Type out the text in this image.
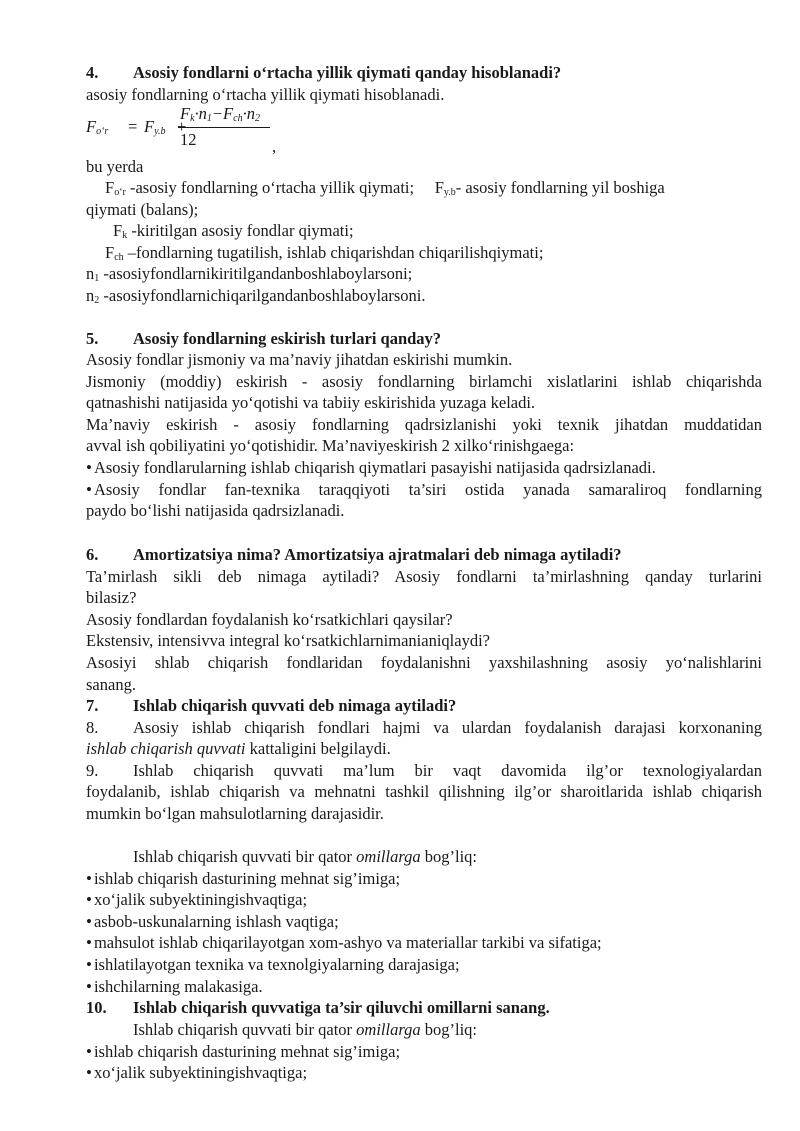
4. Asosiy fondlarni o‘rtacha yillik qiymati qanday hisoblanadi?
asosiy fondlarning o‘rtacha yillik qiymati hisoblanadi.
$F_{o‘r} = F_{y.b}$
$F_k\cdot n_1-F_{ch}\cdot n_2$
12	,
bu yerda
$F_{o‘r}$ -asosiy fondlarning o‘rtacha yillik qiymati;     $F_{y.b}-$ asosiy fondlarning yil boshiga
qiymati (balans);
$F_k$ -kiritilgan asosiy fondlar qiymati;
$F_{ch}$ –fondlarning tugatilish, ishlab chiqarishdan chiqarilishqiymati;
$n_1$ -asosiyfondlarnikiritilgandanboshlaboylarsoni;
$n_2$ -asosiyfondlarnichiqarilgandanboshlaboylarsoni.
5. Asosiy fondlarning eskirish turlari qanday?
Asosiy fondlar jismoniy va ma’naviy jihatdan eskirishi mumkin.
Jismoniy (moddiy) eskirish - asosiy fondlarning birlamchi xislatlarini ishlab chiqarishda
qatnashishi natijasida yo‘qotishi va tabiiy eskirishida yuzaga keladi.
Ma’naviy eskirish - asosiy fondlarning qadrsizlanishi yoki texnik jihatdan muddatidan
avval ish qobiliyatini yo‘qotishidir. Ma’naviyeskirish 2 xilko‘rinishgaega:
• Asosiy fondlarularning ishlab chiqarish qiymatlari pasayishi natijasida qadrsizlanadi.
• Asosiy fondlar fan-texnika taraqqiyoti ta’siri ostida yanada samaraliroq fondlarning
paydo bo‘lishi natijasida qadrsizlanadi.
6. Amortizatsiya nima? Amortizatsiya ajratmalari deb nimaga aytiladi?
Ta’mirlash sikli deb nimaga aytiladi? Asosiy fondlarni ta’mirlashning qanday turlarini
bilasiz?
Asosiy fondlardan foydalanish ko‘rsatkichlari qaysilar?
Ekstensiv, intensivva integral ko‘rsatkichlarnimanianiqlaydi?
Asosiyi shlab chiqarish fondlaridan foydalanishni yaxshilashning asosiy yo‘nalishlarini
sanang.
7. Ishlab chiqarish quvvati deb nimaga aytiladi?
8. Asosiy ishlab chiqarish fondlari hajmi va ulardan foydalanish darajasi korxonaning
ishlab chiqarish quvvati kattaligini belgilaydi.
9. Ishlab chiqarish quvvati ma’lum bir vaqt davomida ilg’or texnologiyalardan
foydalanib, ishlab chiqarish va mehnatni tashkil qilishning ilg’or sharoitlarida ishlab chiqarish
mumkin bo‘lgan mahsulotlarning darajasidir.
Ishlab chiqarish quvvati bir qator omillarga bog’liq:
• ishlab chiqarish dasturining mehnat sig’imiga;
• xo‘jalik subyektiningishvaqtiga;
• asbob-uskunalarning ishlash vaqtiga;
• mahsulot ishlab chiqarilayotgan xom-ashyo va materiallar tarkibi va sifatiga;
• ishlatilayotgan texnika va texnolgiyalarning darajasiga;
• ishchilarning malakasiga.
10. Ishlab chiqarish quvvatiga ta’sir qiluvchi omillarni sanang.
Ishlab chiqarish quvvati bir qator omillarga bog’liq:
• ishlab chiqarish dasturining mehnat sig’imiga;
• xo‘jalik subyektiningishvaqtiga;
